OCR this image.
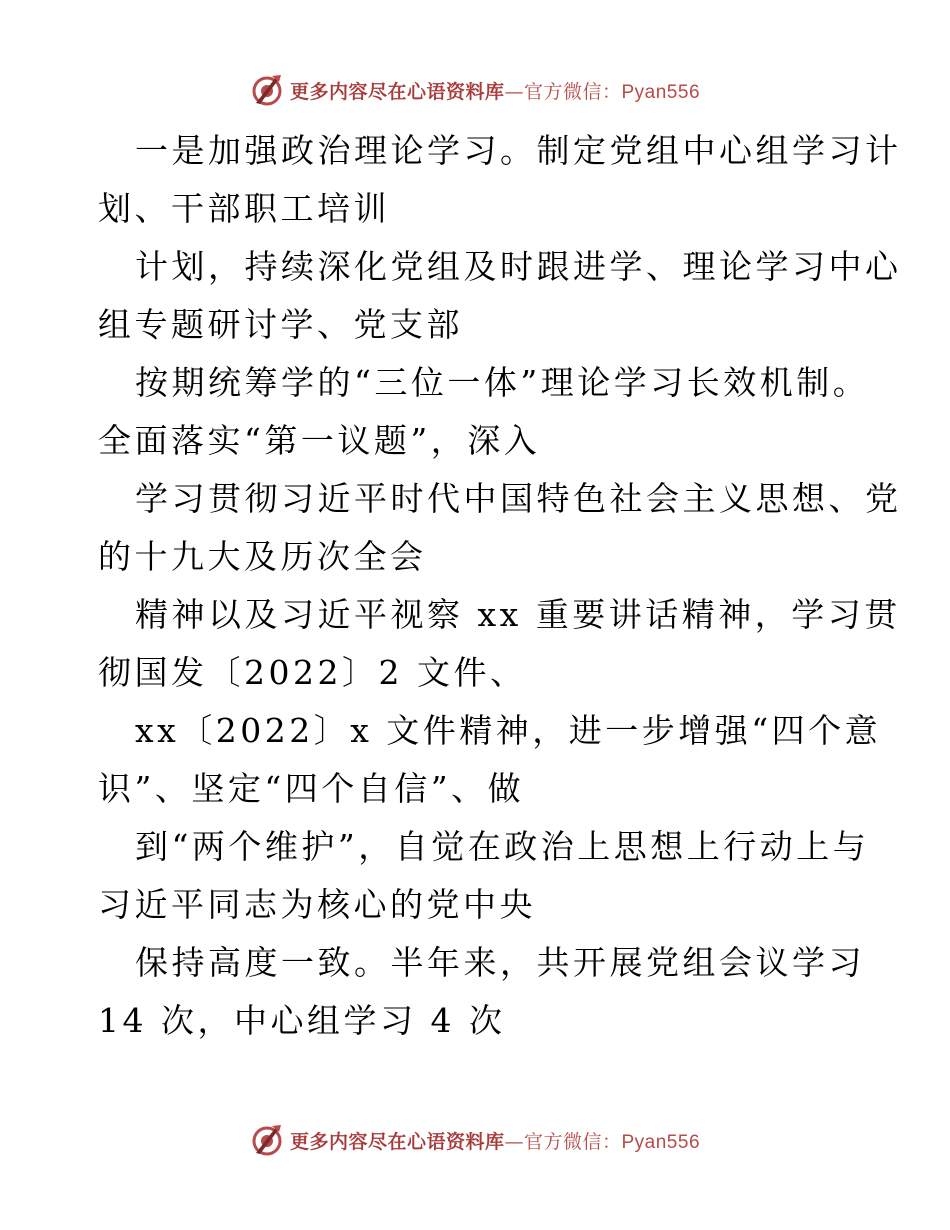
更多内容尽在心语资料库—官方微信：Pyan556
一是加强政治理论学习。制定党组中心组学习计
划、干部职工培训
计划，持续深化党组及时跟进学、理论学习中心
组专题研讨学、党支部
按期统筹学的“三位一体”理论学习长效机制。
全面落实“第一议题”，深入
学习贯彻习近平时代中国特色社会主义思想、党
的十九大及历次全会
精神以及习近平视察 xx 重要讲话精神，学习贯
彻国发〔2022〕2 文件、
xx〔2022〕x 文件精神，进一步增强“四个意
识”、坚定“四个自信”、做
到“两个维护”，自觉在政治上思想上行动上与
习近平同志为核心的党中央
保持高度一致。半年来，共开展党组会议学习
14 次，中心组学习 4 次
更多内容尽在心语资料库—官方微信：Pyan556
